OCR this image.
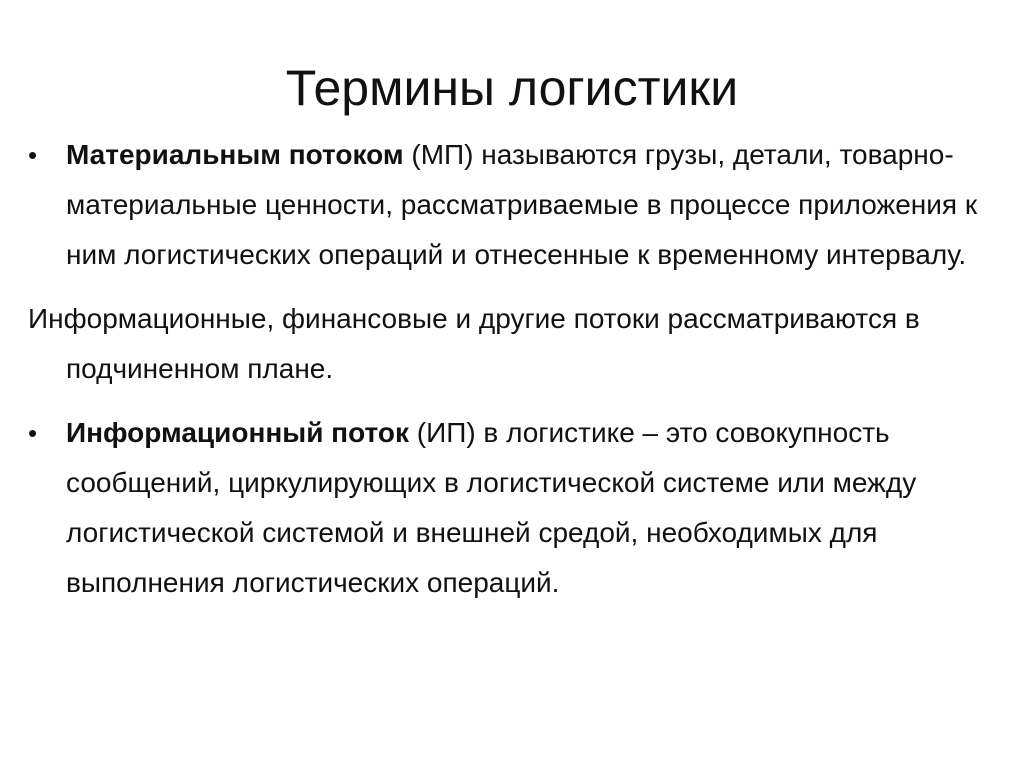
Термины логистики

•	Материальным потоком (МП) называются грузы, детали, товарно-материальные ценности, рассматриваемые в процессе приложения к ним логистических операций и отнесенные к временному интервалу.

Информационные, финансовые и другие потоки рассматриваются в подчиненном плане.

•	Информационный поток (ИП) в логистике – это совокупность сообщений, циркулирующих в логистической системе или между логистической системой и внешней средой, необходимых для выполнения логистических операций.
